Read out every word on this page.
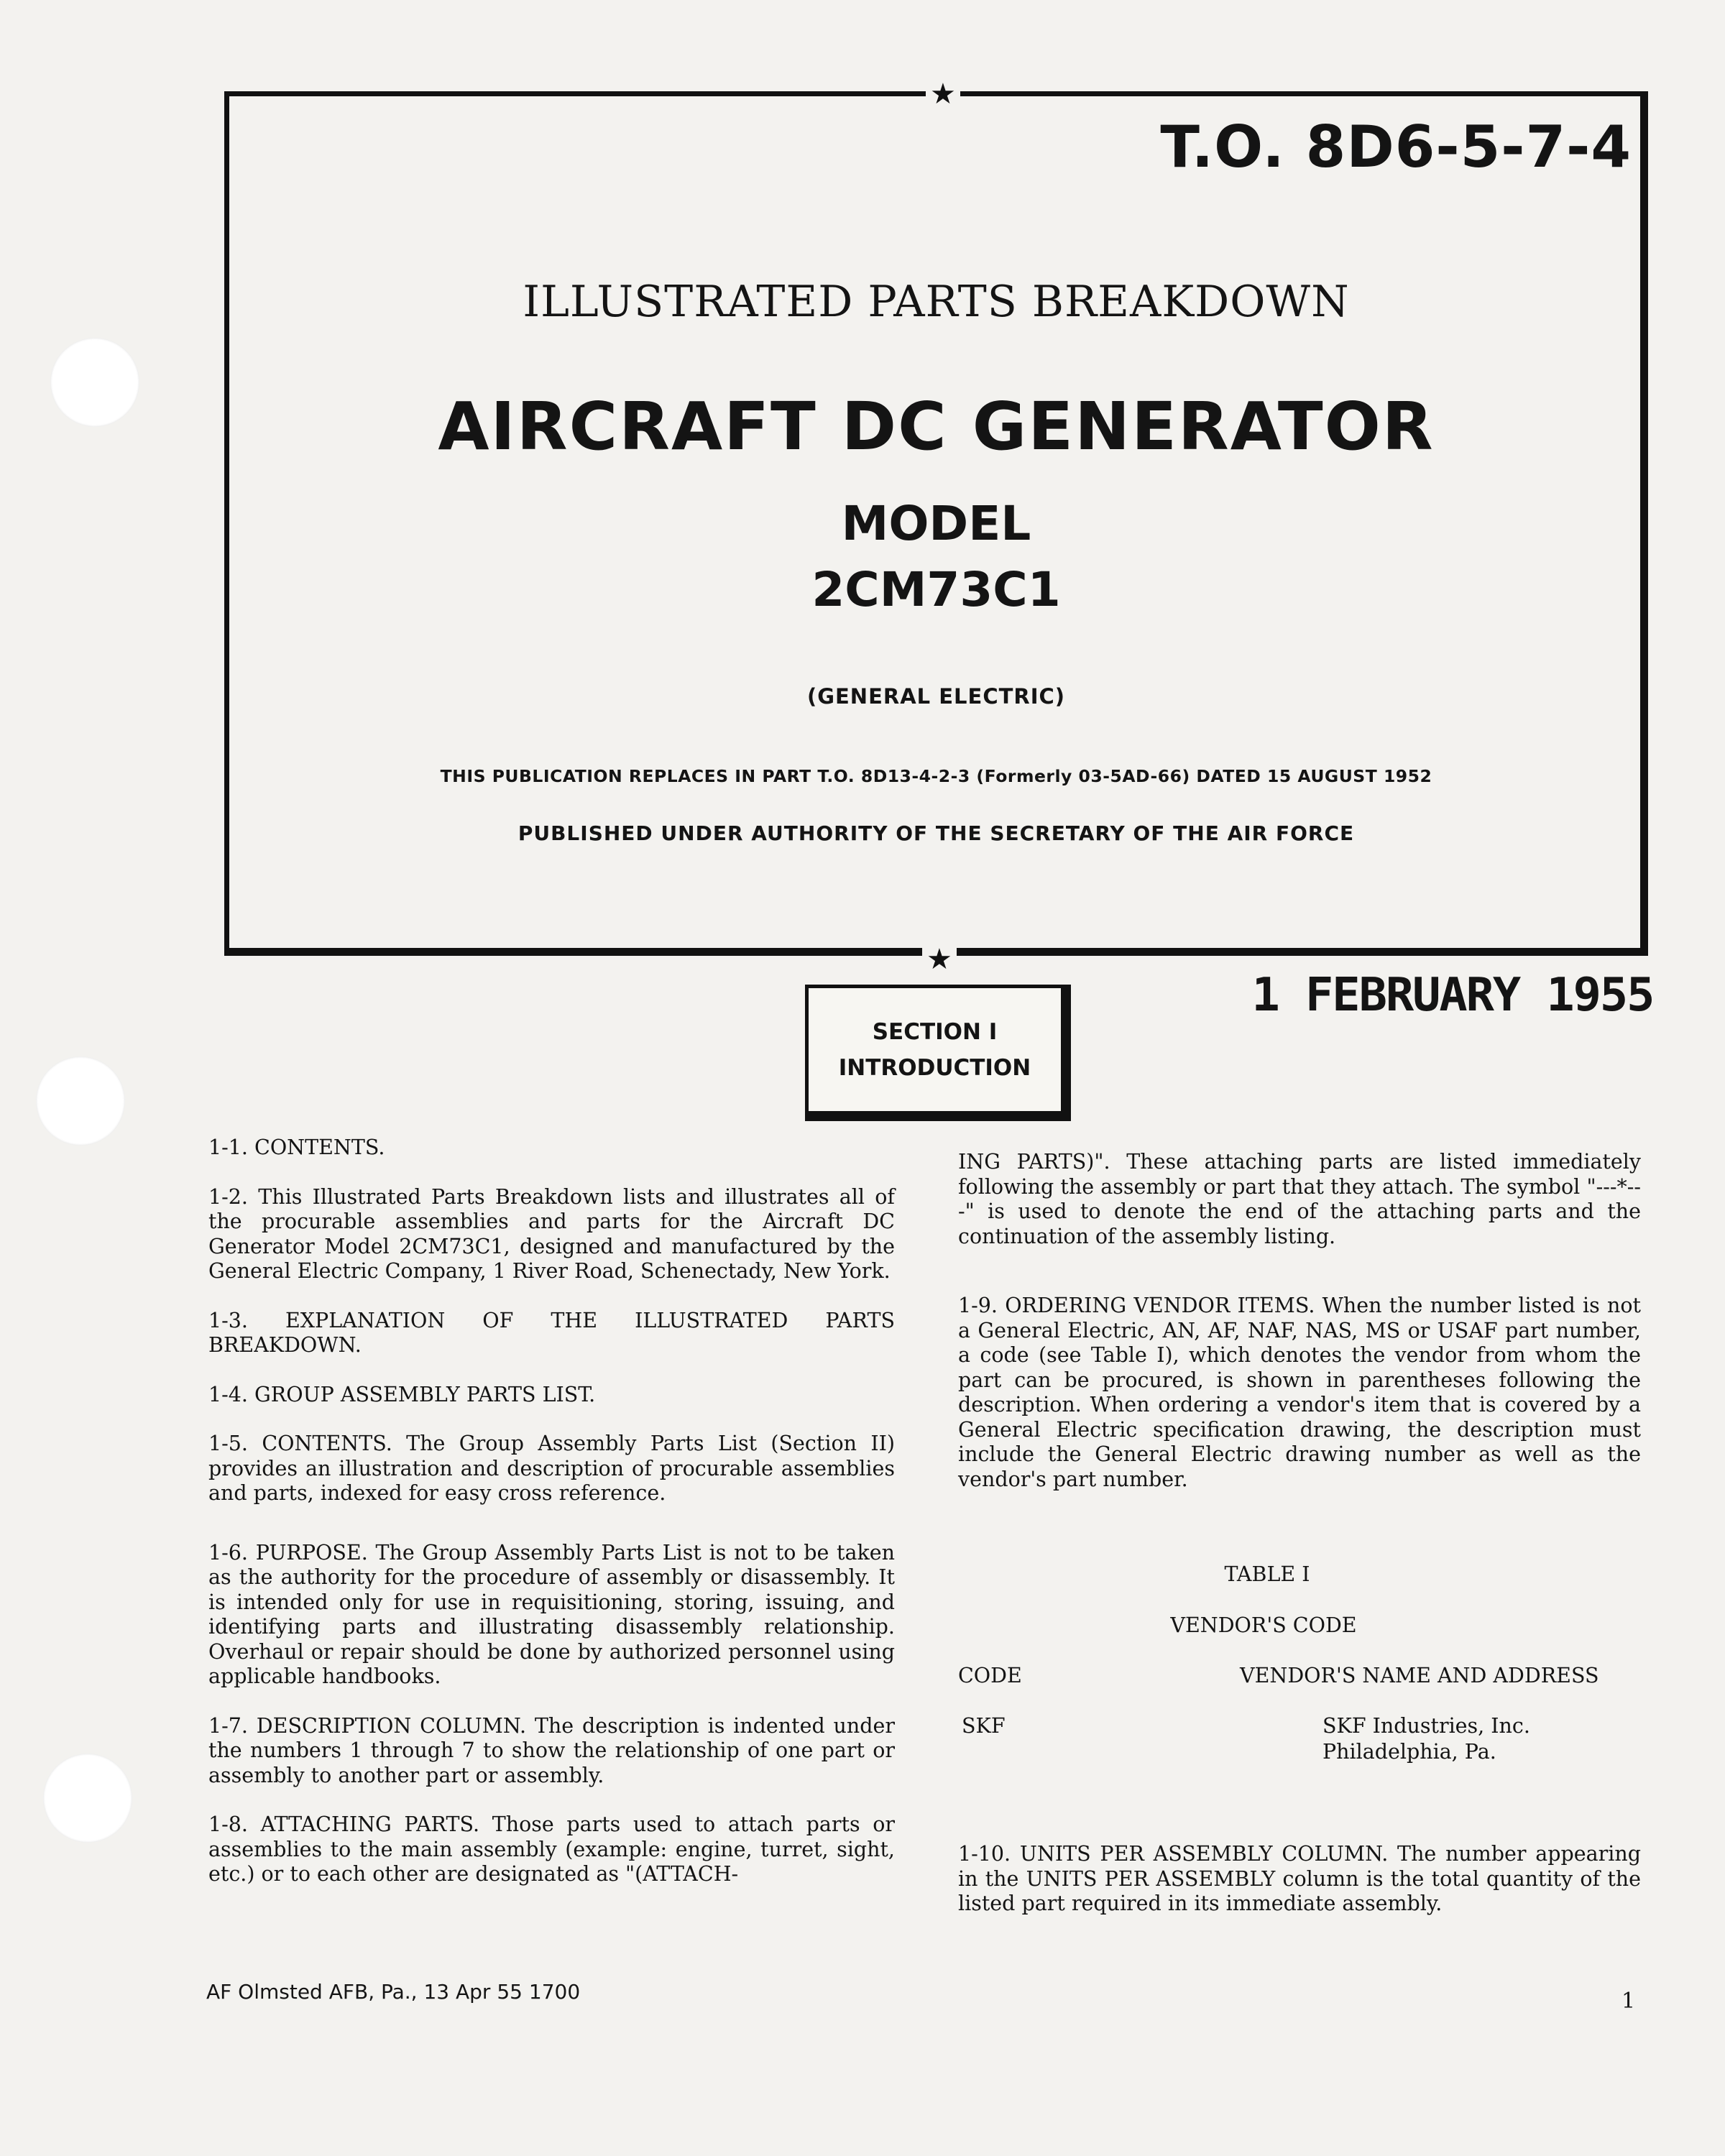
★
★
T.O. 8D6-5-7-4
ILLUSTRATED PARTS BREAKDOWN
AIRCRAFT DC GENERATOR
MODEL
2CM73C1
(GENERAL ELECTRIC)
THIS PUBLICATION REPLACES IN PART T.O. 8D13-4-2-3 (Formerly 03-5AD-66) DATED 15 AUGUST 1952
PUBLISHED UNDER AUTHORITY OF THE SECRETARY OF THE AIR FORCE
1 FEBRUARY 1955
SECTION I
INTRODUCTION

1-1. CONTENTS.

1-2. This Illustrated Parts Breakdown lists and illustrates all of the procurable assemblies and parts for the Aircraft DC Generator Model 2CM73C1, designed and manufactured by the General Electric Company, 1 River Road, Schenectady, New York.

1-3. EXPLANATION OF THE ILLUSTRATED PARTS BREAKDOWN.

1-4. GROUP ASSEMBLY PARTS LIST.

1-5. CONTENTS. The Group Assembly Parts List (Section II) provides an illustration and description of procurable assemblies and parts, indexed for easy cross reference.

1-6. PURPOSE. The Group Assembly Parts List is not to be taken as the authority for the procedure of assembly or disassembly. It is intended only for use in requisitioning, storing, issuing, and identifying parts and illustrating disassembly relationship. Overhaul or repair should be done by authorized personnel using applicable handbooks.

1-7. DESCRIPTION COLUMN. The description is indented under the numbers 1 through 7 to show the relationship of one part or assembly to another part or assembly.

1-8. ATTACHING PARTS. Those parts used to attach parts or assemblies to the main assembly (example: engine, turret, sight, etc.) or to each other are designated as "(ATTACH-

ING PARTS)". These attaching parts are listed immediately following the assembly or part that they attach. The symbol "---*---" is used to denote the end of the attaching parts and the continuation of the assembly listing.

1-9. ORDERING VENDOR ITEMS. When the number listed is not a General Electric, AN, AF, NAF, NAS, MS or USAF part number, a code (see Table I), which denotes the vendor from whom the part can be procured, is shown in parentheses following the description. When ordering a vendor's item that is covered by a General Electric specification drawing, the description must include the General Electric drawing number as well as the vendor's part number.

TABLE I
VENDOR'S CODE
CODE	VENDOR'S NAME AND ADDRESS
SKF	SKF Industries, Inc.
Philadelphia, Pa.

1-10. UNITS PER ASSEMBLY COLUMN. The number appearing in the UNITS PER ASSEMBLY column is the total quantity of the listed part required in its immediate assembly.

AF Olmsted AFB, Pa., 13 Apr 55 1700	1
